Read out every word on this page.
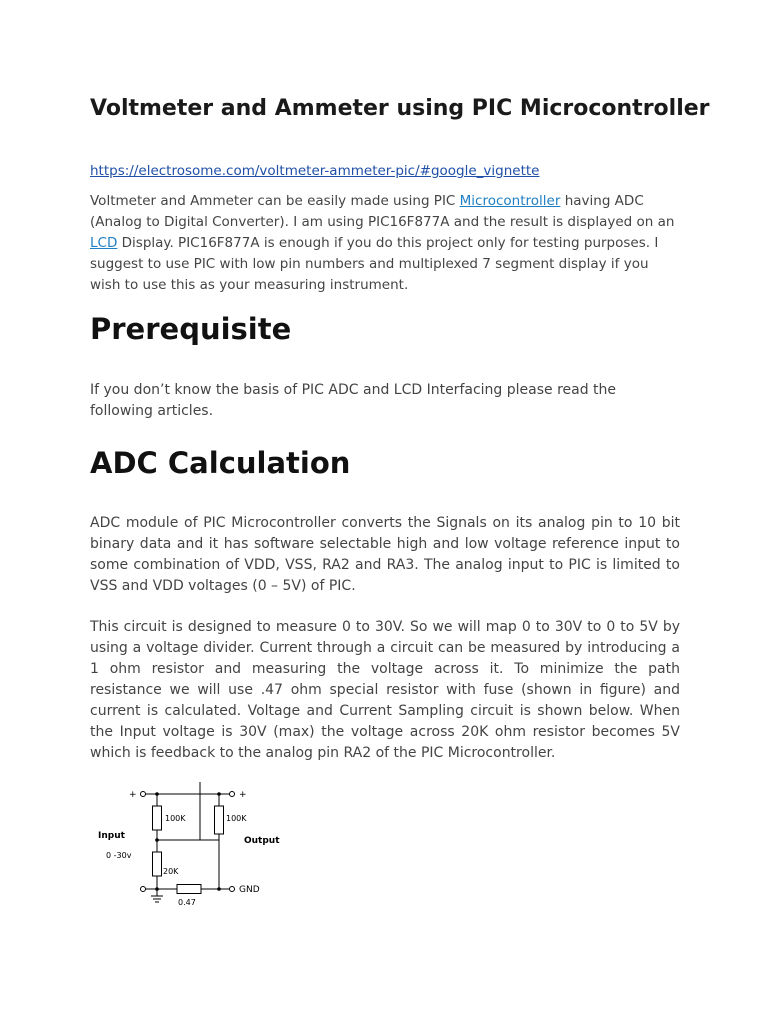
Voltmeter and Ammeter using PIC Microcontroller
https://electrosome.com/voltmeter-ammeter-pic/#google_vignette

Voltmeter and Ammeter can be easily made using PIC Microcontroller having ADC (Analog to Digital Converter). I am using PIC16F877A and the result is displayed on an LCD Display. PIC16F877A is enough if you do this project only for testing purposes. I suggest to use PIC with low pin numbers and multiplexed 7 segment display if you wish to use this as your measuring instrument.

Prerequisite

If you don’t know the basis of PIC ADC and LCD Interfacing please read the following articles.

ADC Calculation

ADC module of PIC Microcontroller converts the Signals on its analog pin to 10 bit binary data and it has software selectable high and low voltage reference input to some combination of VDD, VSS, RA2 and RA3. The analog input to PIC is limited to VSS and VDD voltages (0 – 5V) of PIC.

This circuit is designed to measure 0 to 30V. So we will map 0 to 30V to 0 to 5V by using a voltage divider. Current through a circuit can be measured by introducing a 1 ohm resistor and measuring the voltage across it. To minimize the path resistance we will use .47 ohm special resistor with fuse (shown in figure) and current is calculated. Voltage and Current Sampling circuit is shown below. When the Input voltage is 30V (max) the voltage across 20K ohm resistor becomes 5V which is feedback to the analog pin RA2 of the PIC Microcontroller.

+	+
100K	100K
20K
0.47
Input
0 -30v
Output
GND
